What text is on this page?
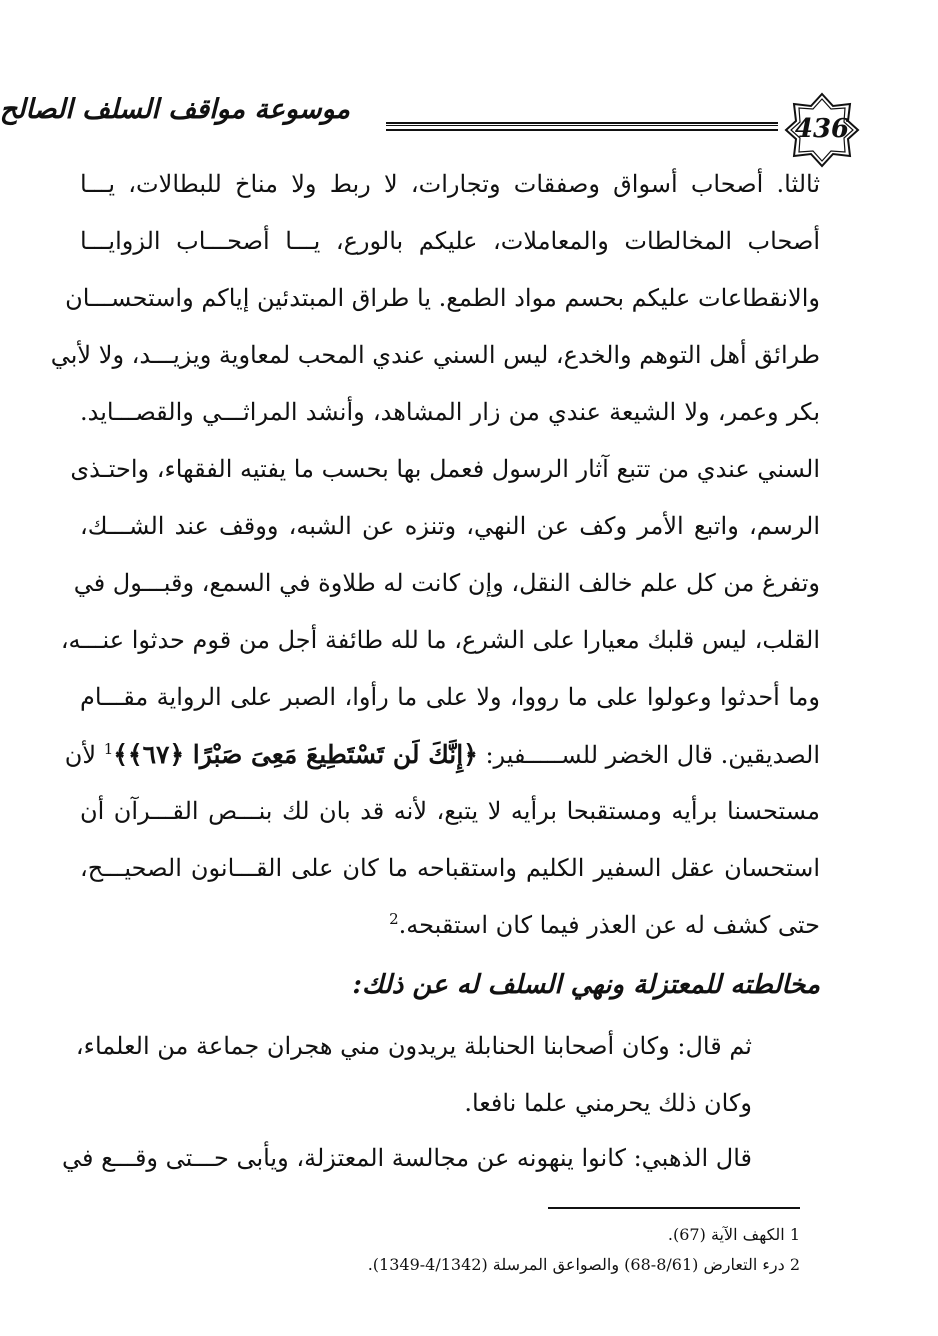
موسوعة مواقف السلف الصالح
436
ثالثا. أصحاب أسواق وصفقات وتجارات، لا ربط ولا مناخ للبطالات، يـــا
أصحاب المخالطات والمعاملات، عليكم بالورع، يـــا أصحـــاب الزوايـــا
والانقطاعات عليكم بحسم مواد الطمع. يا طراق المبتدئين إياكم واستحســـان
طرائق أهل التوهم والخدع، ليس السني عندي المحب لمعاوية ويزيـــد، ولا لأبي
بكر وعمر، ولا الشيعة عندي من زار المشاهد، وأنشد المراثـــي والقصـــايد.
السني عندي من تتبع آثار الرسول فعمل بها بحسب ما يفتيه الفقهاء، واحتـذى
الرسم، واتبع الأمر وكف عن النهي، وتنزه عن الشبه، ووقف عند الشـــك،
وتفرغ من كل علم خالف النقل، وإن كانت له طلاوة في السمع، وقبـــول في
القلب، ليس قلبك معيارا على الشرع، ما لله طائفة أجل من قوم حدثوا عنـــه،
وما أحدثوا وعولوا على ما رووا، ولا على ما رأوا، الصبر على الرواية مقـــام
الصديقين. قال الخضر للســـــفير: ﴿إِنَّكَ لَن تَسْتَطِيعَ مَعِىَ صَبْرًا ﴿٦٧﴾﴾$^1$ لأن
مستحسنا برأيه ومستقبحا برأيه لا يتبع، لأنه قد بان لك بنـــص القـــرآن أن
استحسان عقل السفير الكليم واستقباحه ما كان على القـــانون الصحيـــح،
حتى كشف له عن العذر فيما كان استقبحه.$^2$
مخالطته للمعتزلة ونهي السلف له عن ذلك:
ثم قال: وكان أصحابنا الحنابلة يريدون مني هجران جماعة من العلماء،
وكان ذلك يحرمني علما نافعا.
قال الذهبي: كانوا ينهونه عن مجالسة المعتزلة، ويأبى حـــتى وقـــع في
1 الكهف الآية (67).
2 درء التعارض (8/61-68) والصواعق المرسلة (4/1342-1349).
